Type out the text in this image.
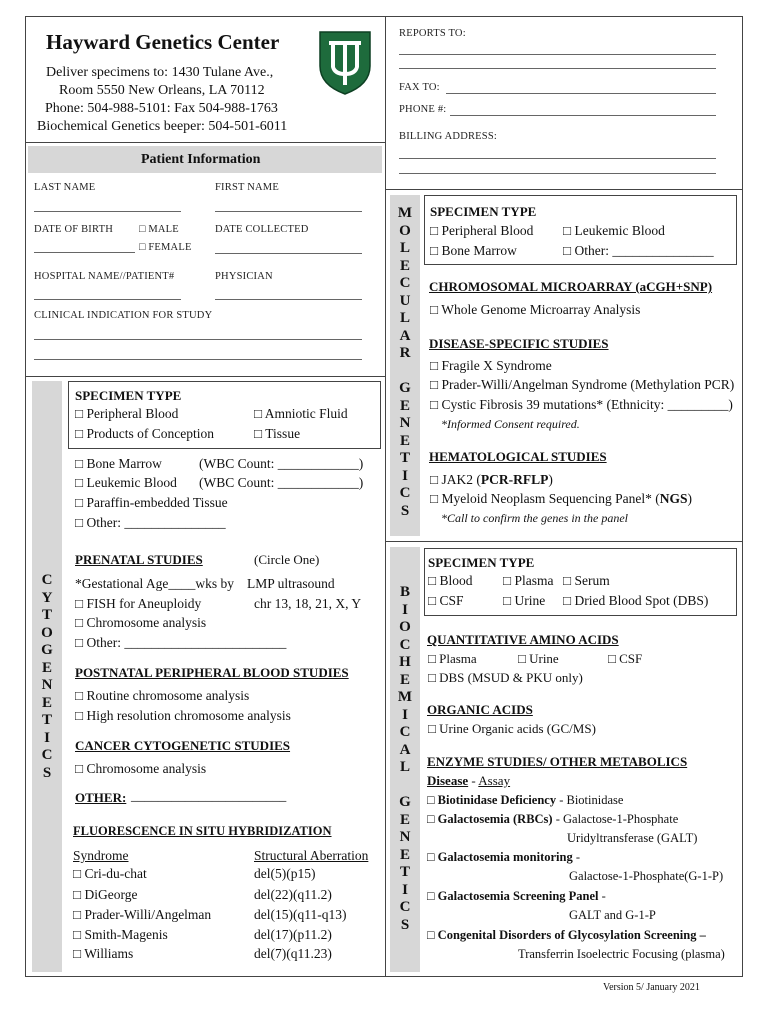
Hayward Genetics Center
Deliver specimens to: 1430 Tulane Ave.,
Room 5550 New Orleans, LA 70112
Phone: 504-988-5101: Fax 504-988-1763
Biochemical Genetics beeper: 504-501-6011
REPORTS TO:
FAX TO:
PHONE #:
BILLING ADDRESS:
Patient Information
LAST NAME	FIRST NAME
DATE OF BIRTH □ MALE
□ FEMALE
DATE COLLECTED
HOSPITAL NAME//PATIENT#	PHYSICIAN
CLINICAL INDICATION FOR STUDY
C
Y
T
O
G
E
N
E
T
I
C
S
SPECIMEN TYPE
□ Peripheral Blood	□ Amniotic Fluid
□ Products of Conception	□ Tissue
□ Bone Marrow	(WBC Count: ____________)
□ Leukemic Blood (WBC Count: ____________)
□ Paraffin-embedded Tissue
□ Other: _______________
PRENATAL STUDIES	(Circle One)
*Gestational Age____wks by LMP ultrasound
□ FISH for Aneuploidy	chr 13, 18, 21, X, Y
□ Chromosome analysis
□ Other: ________________________
POSTNATAL PERIPHERAL BLOOD STUDIES
□ Routine chromosome analysis
□ High resolution chromosome analysis
CANCER CYTOGENETIC STUDIES
□ Chromosome analysis
OTHER: _______________________
FLUORESCENCE IN SITU HYBRIDIZATION
Syndrome	Structural Aberration
□ Cri-du-chat	del(5)(p15)
□ DiGeorge	del(22)(q11.2)
□ Prader-Willi/Angelman	del(15)(q11-q13)
□ Smith-Magenis	del(17)(p11.2)
□ Williams	del(7)(q11.23)
M
O
L
E
C
U
L
A
R
G
E
N
E
T
I
C
S
SPECIMEN TYPE
□ Peripheral Blood □ Leukemic Blood
□ Bone Marrow	□ Other: _______________
CHROMOSOMAL MICROARRAY (aCGH+SNP)
□ Whole Genome Microarray Analysis
DISEASE-SPECIFIC STUDIES
□ Fragile X Syndrome
□ Prader-Willi/Angelman Syndrome (Methylation PCR)
□ Cystic Fibrosis 39 mutations* (Ethnicity: _________)
*Informed Consent required.
HEMATOLOGICAL STUDIES
□ JAK2 (PCR-RFLP)
□ Myeloid Neoplasm Sequencing Panel* (NGS)
*Call to confirm the genes in the panel
B
I
O
C
H
E
M
I
C
A
L
G
E
N
E
T
I
C
S
SPECIMEN TYPE
□ Blood □ Plasma □ Serum
□ CSF	□ Urine □ Dried Blood Spot (DBS)
QUANTITATIVE AMINO ACIDS
□ Plasma	□ Urine	□ CSF
□ DBS (MSUD & PKU only)
ORGANIC ACIDS
□ Urine Organic acids (GC/MS)
ENZYME STUDIES/ OTHER METABOLICS
Disease - Assay
□ Biotinidase Deficiency - Biotinidase
□ Galactosemia (RBCs) - Galactose-1-Phosphate
Uridyltransferase (GALT)
□ Galactosemia monitoring -
Galactose-1-Phosphate(G-1-P)
□ Galactosemia Screening Panel -
GALT and G-1-P
□ Congenital Disorders of Glycosylation Screening –
Transferrin Isoelectric Focusing (plasma)
Version 5/ January 2021
